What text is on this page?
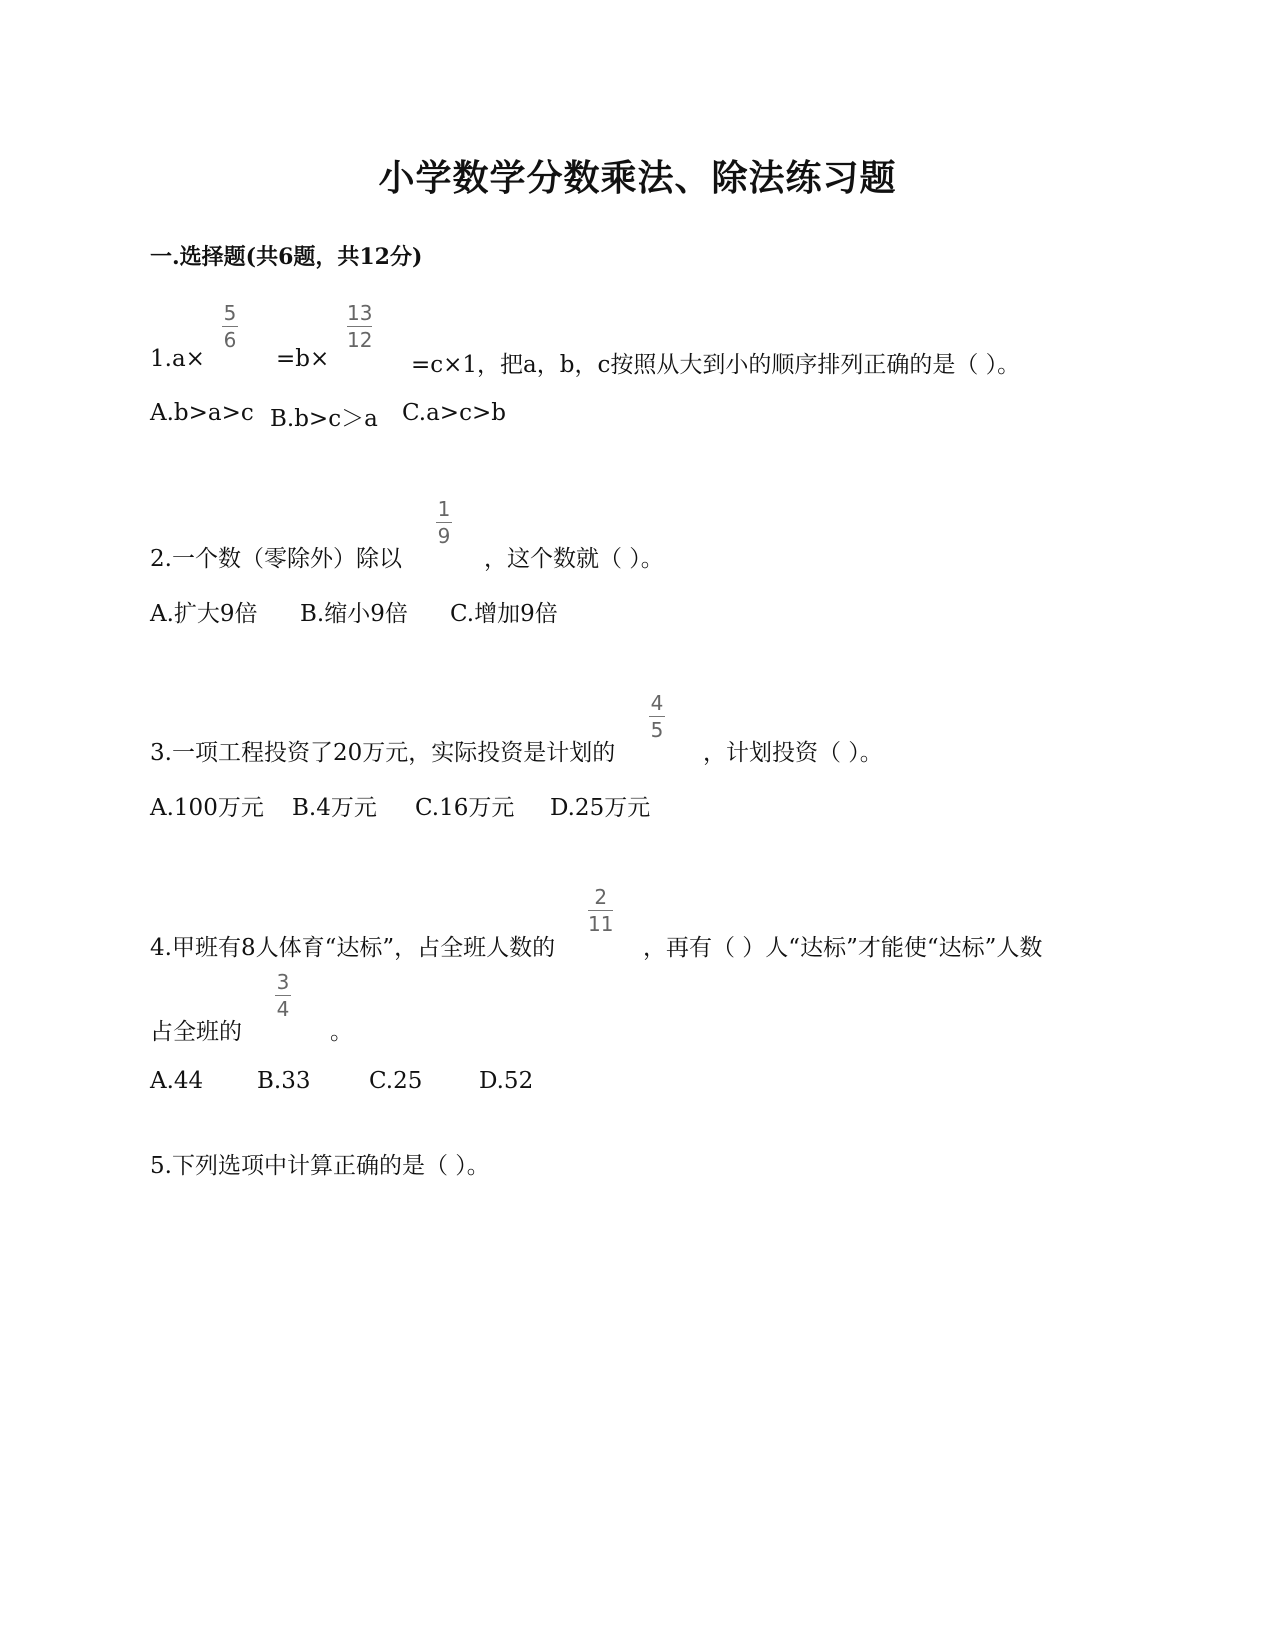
小学数学分数乘法、除法练习题
一.选择题(共6题，共12分)
5
6
13
12
1.a×	=b×	=c×1，把a，b，c按照从大到小的顺序排列正确的是（ ）。
A.b>a>c B.b>c＞a C.a>c>b
1
9
2.一个数（零除外）除以	，这个数就（ ）。
A.扩大9倍 B.缩小9倍 C.增加9倍
4
5
3.一项工程投资了20万元，实际投资是计划的	，计划投资（ ）。
A.100万元 B.4万元 C.16万元 D.25万元
2
11
4.甲班有8人体育“达标”，占全班人数的	，再有（ ）人“达标”才能使“达标”人数
3
4
占全班的	。
A.44 B.33	C.25 D.52
5.下列选项中计算正确的是（ ）。
